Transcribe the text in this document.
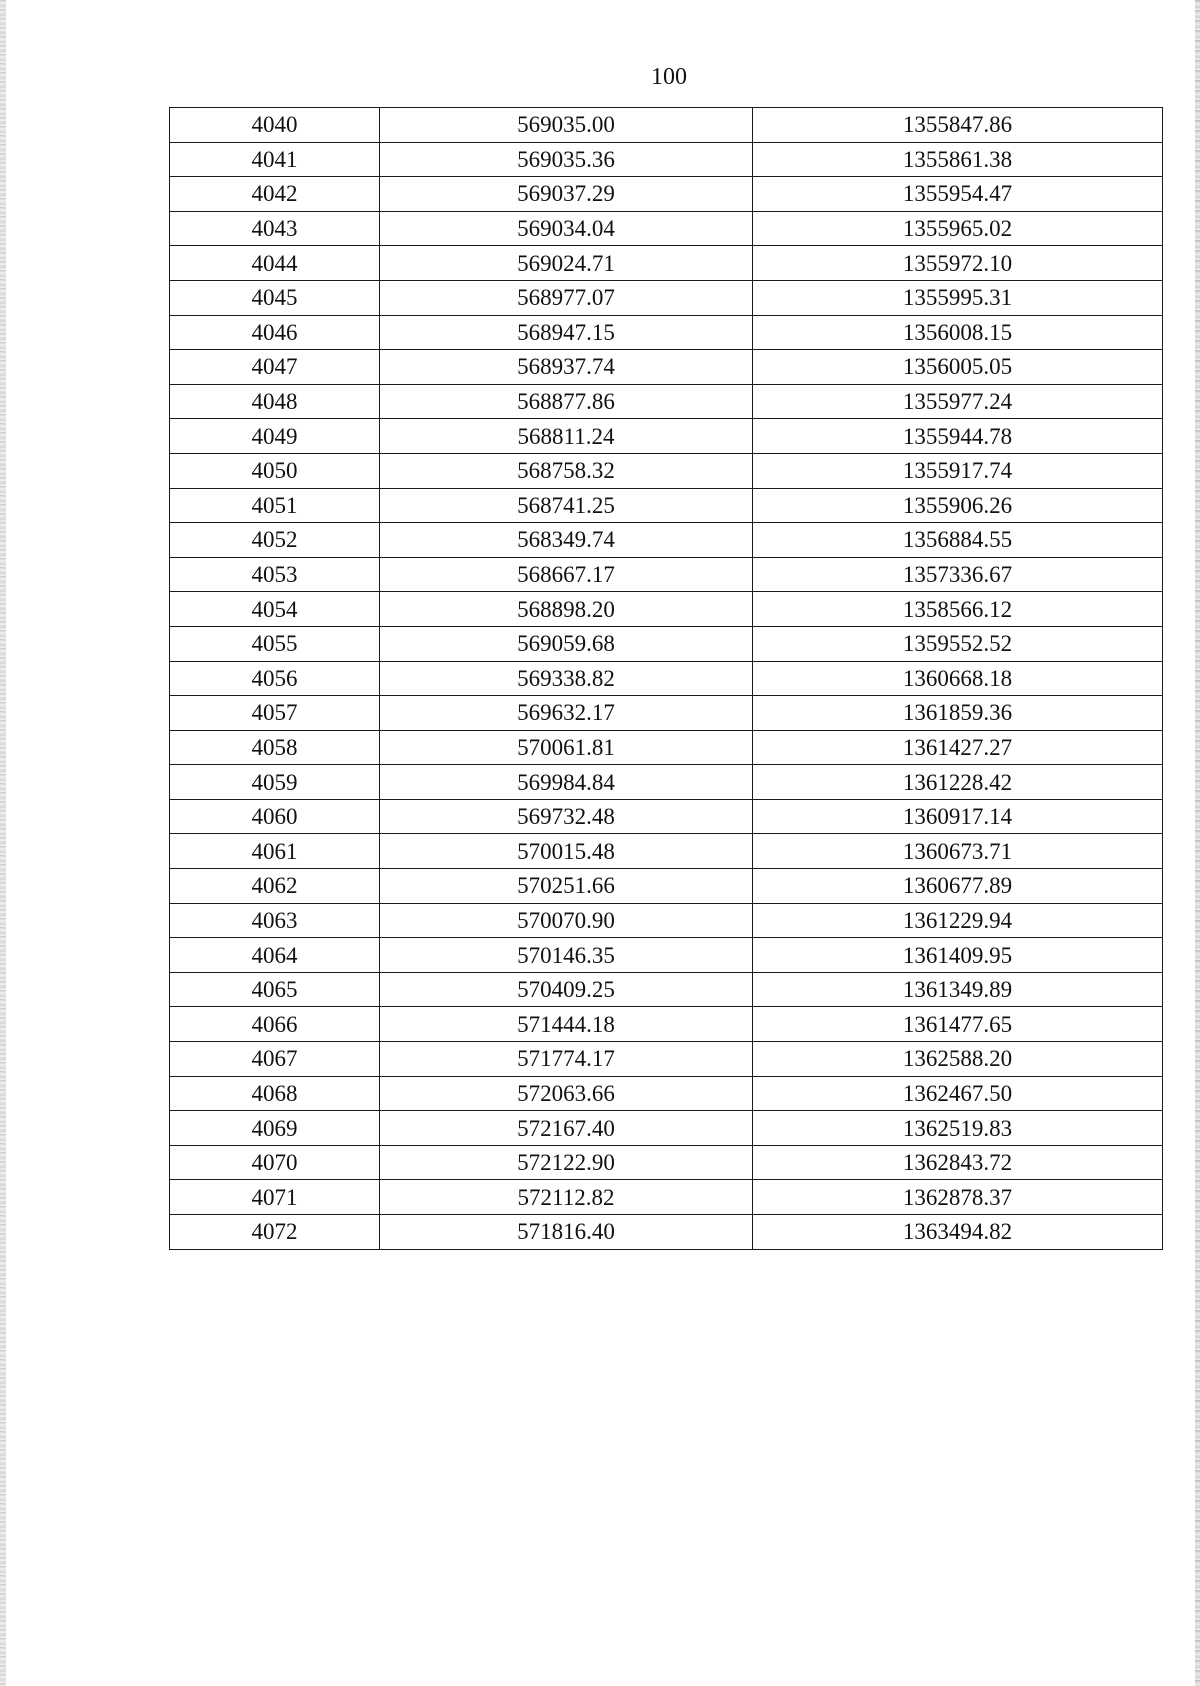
100
4040	569035.00	1355847.86
4041	569035.36	1355861.38
4042	569037.29	1355954.47
4043	569034.04	1355965.02
4044	569024.71	1355972.10
4045	568977.07	1355995.31
4046	568947.15	1356008.15
4047	568937.74	1356005.05
4048	568877.86	1355977.24
4049	568811.24	1355944.78
4050	568758.32	1355917.74
4051	568741.25	1355906.26
4052	568349.74	1356884.55
4053	568667.17	1357336.67
4054	568898.20	1358566.12
4055	569059.68	1359552.52
4056	569338.82	1360668.18
4057	569632.17	1361859.36
4058	570061.81	1361427.27
4059	569984.84	1361228.42
4060	569732.48	1360917.14
4061	570015.48	1360673.71
4062	570251.66	1360677.89
4063	570070.90	1361229.94
4064	570146.35	1361409.95
4065	570409.25	1361349.89
4066	571444.18	1361477.65
4067	571774.17	1362588.20
4068	572063.66	1362467.50
4069	572167.40	1362519.83
4070	572122.90	1362843.72
4071	572112.82	1362878.37
4072	571816.40	1363494.82
